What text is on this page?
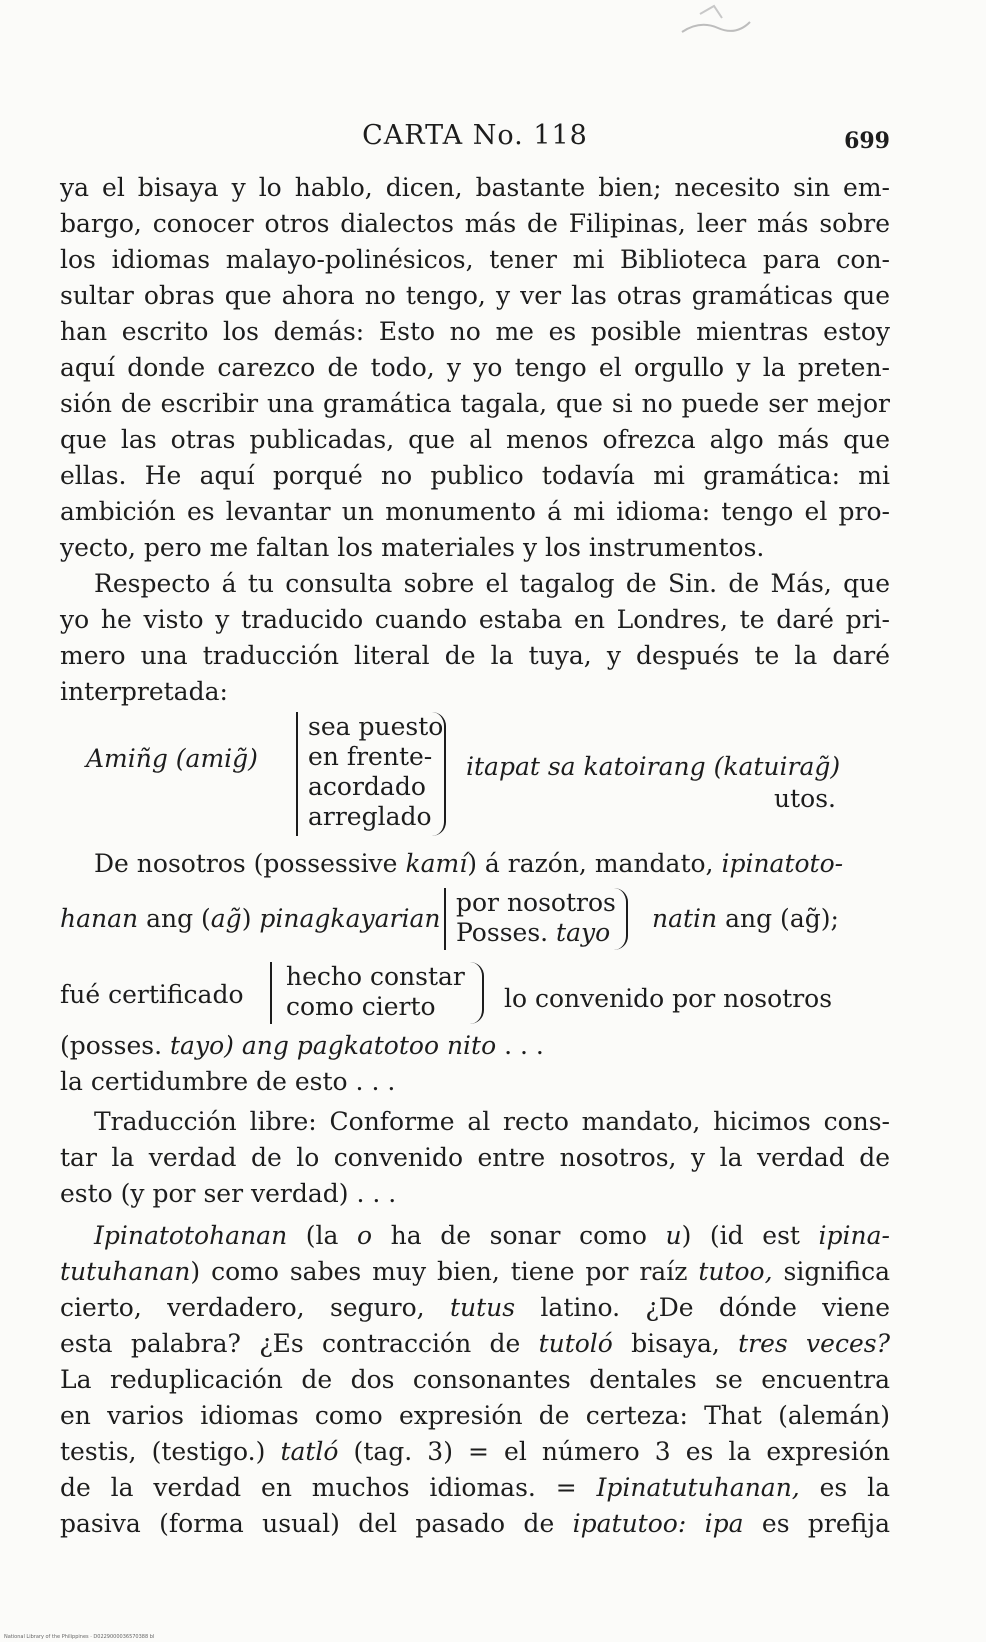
CARTA No. 118	699
ya el bisaya y lo hablo, dicen, bastante bien; necesito sin em-
bargo, conocer otros dialectos más de Filipinas, leer más sobre
los idiomas malayo-polinésicos, tener mi Biblioteca para con-
sultar obras que ahora no tengo, y ver las otras gramáticas que
han escrito los demás: Esto no me es posible mientras estoy
aquí donde carezco de todo, y yo tengo el orgullo y la preten-
sión de escribir una gramática tagala, que si no puede ser mejor
que las otras publicadas, que al menos ofrezca algo más que
ellas. He aquí porqué no publico todavía mi gramática: mi
ambición es levantar un monumento á mi idioma: tengo el pro-
yecto, pero me faltan los materiales y los instrumentos.
Respecto á tu consulta sobre el tagalog de Sin. de Más, que
yo he visto y traducido cuando estaba en Londres, te daré pri-
mero una traducción literal de la tuya, y después te la daré
interpretada:
Amiñg (amig̃)
sea puesto
en frente-
acordado
arreglado
itapat sa katoirang (katuirag̃)
utos.
De nosotros (possessive kamí) á razón, mandato, ipinatoto-
hanan ang (ag̃) pinagkayarian
por nosotros
Posses. tayo natin ang (ag̃);
fué certificado
hecho constar
como cierto	lo convenido por nosotros
(posses. tayo) ang pagkatotoo nito . . .
la certidumbre de esto . . .
Traducción libre: Conforme al recto mandato, hicimos cons-
tar la verdad de lo convenido entre nosotros, y la verdad de
esto (y por ser verdad) . . .
Ipinatotohanan (la o ha de sonar como u) (id est ipina-
tutuhanan) como sabes muy bien, tiene por raíz tutoo, significa
cierto, verdadero, seguro, tutus latino. ¿De dónde viene
esta palabra? ¿Es contracción de tutoló bisaya, tres veces?
La reduplicación de dos consonantes dentales se encuentra
en varios idiomas como expresión de certeza: That (alemán)
testis, (testigo.) tatló (tag. 3) = el número 3 es la expresión
de la verdad en muchos idiomas. = Ipinatutuhanan, es la
pasiva (forma usual) del pasado de ipatutoo: ipa es prefija
National Library of the Philippines · D0229000036570388 bl
